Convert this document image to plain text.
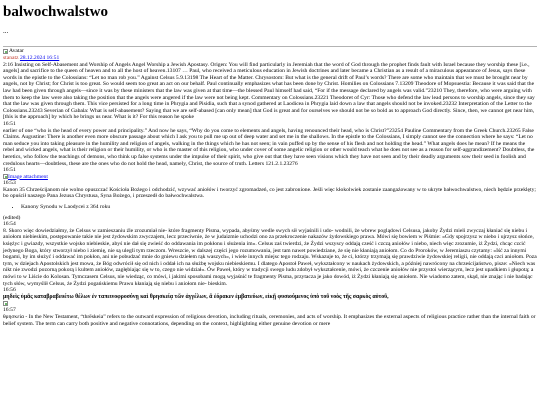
balwochwalstwo
...
Avatar
stanatz 28.12.2024 16:51

2:16 Insisting on Self-Abasement and Worship of Angels Angel Worship a Jewish Apostasy. Origen: You will find particularly in Jeremiah that the word of God through the prophet finds fault with Israel because they worship these [i.e., angels] and sacrifice to the queen of heaven and to all the host of heaven.13107 … Paul, who received a meticulous education in Jewish doctrines and later became a Christian as a result of a miraculous appearance of Jesus, says these words in the epistle to the Colossians: “Let no man rob you.” Against Celsus 5.9.13198 The Heart of the Matter. Chrysostom: But what is the general drift of Paul’s words? There are some who maintain that we must be brought near by angels, not by Christ; for Christ is too great. So would seem too great an act on our behalf. Paul continually emphasizes what has been done by Christ. Homilies on Colossians 7.13209 Theodore of Mopsuestia: Because it was said that the law had been given through angels—since it was by these ministers that the law was given at that time—the blessed Paul himself had said, “For if the message declared by angels was valid.”23210 They, therefore, who were arguing with them to keep the law were also taking the position that the angels were angered if the law were not being kept. Commentary on Colossians.23221 Theodoret of Cyr: Those who defend the law lead persons to worship angels, since they say that the law was given through them. This vice persisted for a long time in Phrygia and Pisidia, such that a synod gathered at Laodicea in Phrygia laid down a law that angels should not be invoked.23232 Interpretation of the Letter to the Colossians.23243 Severian of Gabala: What is self-abasement? Saying that we are self-abased [can only mean] that God is great and for ourselves we should not be so bold as to approach God directly. Since, then, we cannot get near him, [this is the approach] by which he brings us near. What is it? For this reason he spoke

16:51

earlier of one “who is the head of every power and principality.” And now he says, “Why do you come to elements and angels, having renounced their head, who is Christ?”23254 Pauline Commentary from the Greek Church.23265 False Claims. Augustine: There is another even more obscure passage about which I ask you to pull me up out of deep water and set me in the shallows. In the epistle to the Colossians, I simply cannot see the connection where he says: “Let no man seduce you into taking pleasure in the humility and religion of angels, walking in the things which he has not seen; in vain puffed up by the sense of his flesh and not holding the head.” What angels does he mean? If he means the rebel and wicked angels, what is their religion or their humility, or who is the master of this religion, who under cover of some angelic religion or other would teach what he does not see as a reason for self-aggrandizement? Doubtless, the heretics, who follow the teachings of demons, who think up false systems under the impulse of their spirit, who give out that they have seen visions which they have not seen and by their deadly arguments sow their seed in foolish and credulous hearts—doubtless, these are the ones who do not hold the head, namely, Christ, the source of truth. Letters 121.2.1.23276

16:51
Image attachment
16:53

Kanon 35 Chrześcijanom nie wolno opuszczać Kościoła Bożego i odchodzić, wzywać aniołów i tworzyć zgromadzeń, co jest zabronione. Jeśli więc kłokolwiek zostanie zaangażowany w to ukryte bałwochwalstwo, niech będzie przeklęty; bo opuścił naszego Pana Jezusa Chrystusa, Syna Bożego, i przeszedł do bałwochwalstwa.

• Kanony Synodu w Laodycei z 364 roku
(edited)
16:54

8. Skoro więc dowiedziałmy, że Celsus w zamieszaniu źle zrozumiał nie- które fragmenty Pisma, wypada, abyśmy wedle swych sił wyjaśnili i udo- wodnili, że wbrew poglądowi Celsusa, jakoby Żydzi mieli zwyczaj kłaniać się niebu i aniołom niebieskim, postępowanie takie nie jest żydowskim zwyczajem, lecz przeciwnie, że w judaizmie uchodzi ono za przekroczenie nakazów żydowskiego prawa. Mówi się bowiem w Piśmie: «Gdy spojrzysz w niebo i ujrzysz słońce, księżyc i gwiazdy, wszystkie wojsko niebieskie, abyś nie dał się zwieść do oddawania im pokłonu i służenia im». Celsus zaś twierdzi, że Żydzi wszyscy oddają cześć i czczą aniołów i niebo, niech więc zrozumie, iż Żydzi, chcąc czcić jedynego Boga, który stworzył niebo i ziemię, nie są ulegli tym rzeczom. Wreszcie, w dalszej części jego rozumowania, jest tam nawet powiedziane, że się nie kłaniają aniołom. Co do Proroków, w Jeremiaszu czytamy: «Iść za innymi bogami, by im służyć i oddawać im pokłon, ani nie pobudzać mnie do gniewu dziełem rąk waszych», i wiele innych miejsc tego rodzaju. Wskazuje to, że ci, którzy trzymają się prawdziwie żydowskiej religii, nie oddają czci aniołom. Poza tym, w dziejach Apostolskich jest mowa, że Bóg odwrócił się od nich i oddał ich na służbę wojsku niebieskiemu. I dlatego Apostoł Paweł, wykształcony w naukach żydowskich, a później nawrócony na chrześcijaństwo, pisze: «Niech was nikt nie zwodzi pozorną pokorą i kultem aniołów, zagłębiając się w to, czego nie widział». Ów Paweł, który w tradycji swego ludu zdobył wykształcenie, mówi, że czczenie aniołów nie przystoi wierzącym, lecz jest upadkiem i głupotą; a mówi to w Liście do Kolosan. Tymczasem Celsus, nie wiedząc, co mówi, i jakimi sposobami mogą wyjaśnić te fragmenty Pisma, przytacza je jako dowód, iż Żydzi kłaniają się aniołom. Nie wiadomo zatem, skąd, nie znając i nie badając tych słów, wymyślił Celsus, że Żydzi pogańskiemu Prawu kłaniają się niebu i aniołom nie- bieskim.

16:56
μηδεὶς ὑμᾶς καταβραβευέτω θέλων ἐν ταπεινοφροσύνῃ καὶ θρησκείᾳ τῶν ἀγγέλων, ἃ ἑόρακεν ἐμβατεύων, εἰκῇ φυσιούμενος ὑπὸ τοῦ νοὸς τῆς σαρκὸς αὐτοῦ,
16:57

θρησκεία - In the New Testament, “thrēskeia” refers to the outward expression of religious devotion, including rituals, ceremonies, and acts of worship. It emphasizes the external aspects of religious practice rather than the internal faith or belief system. The term can carry both positive and negative connotations, depending on the context, highlighting either genuine devotion or mere
